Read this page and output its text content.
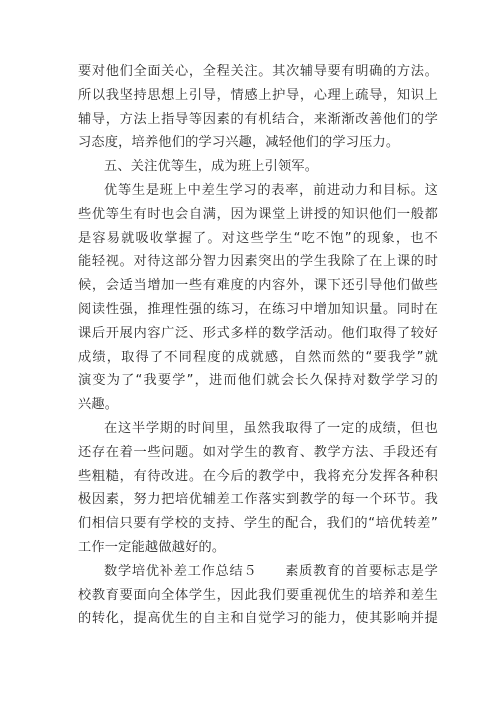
要对他们全面关心，全程关注。其次辅导要有明确的方法。
所以我坚持思想上引导，情感上护导，心理上疏导，知识上
辅导，方法上指导等因素的有机结合，来渐渐改善他们的学
习态度，培养他们的学习兴趣，减轻他们的学习压力。
五、关注优等生，成为班上引领军。
优等生是班上中差生学习的表率，前进动力和目标。这
些优等生有时也会自满，因为课堂上讲授的知识他们一般都
是容易就吸收掌握了。对这些学生“吃不饱”的现象，也不
能轻视。对待这部分智力因素突出的学生我除了在上课的时
候，会适当增加一些有难度的内容外，课下还引导他们做些
阅读性强，推理性强的练习，在练习中增加知识量。同时在
课后开展内容广泛、形式多样的数学活动。他们取得了较好
成绩，取得了不同程度的成就感，自然而然的“要我学”就
演变为了“我要学”，进而他们就会长久保持对数学学习的
兴趣。
在这半学期的时间里，虽然我取得了一定的成绩，但也
还存在着一些问题。如对学生的教育、教学方法、手段还有
些粗糙，有待改进。在今后的教学中，我将充分发挥各种积
极因素，努力把培优辅差工作落实到教学的每一个环节。我
们相信只要有学校的支持、学生的配合，我们的“培优转差”
工作一定能越做越好的。
数学培优补差工作总结５　　素质教育的首要标志是学
校教育要面向全体学生，因此我们要重视优生的培养和差生
的转化，提高优生的自主和自觉学习的能力，使其影响并提
